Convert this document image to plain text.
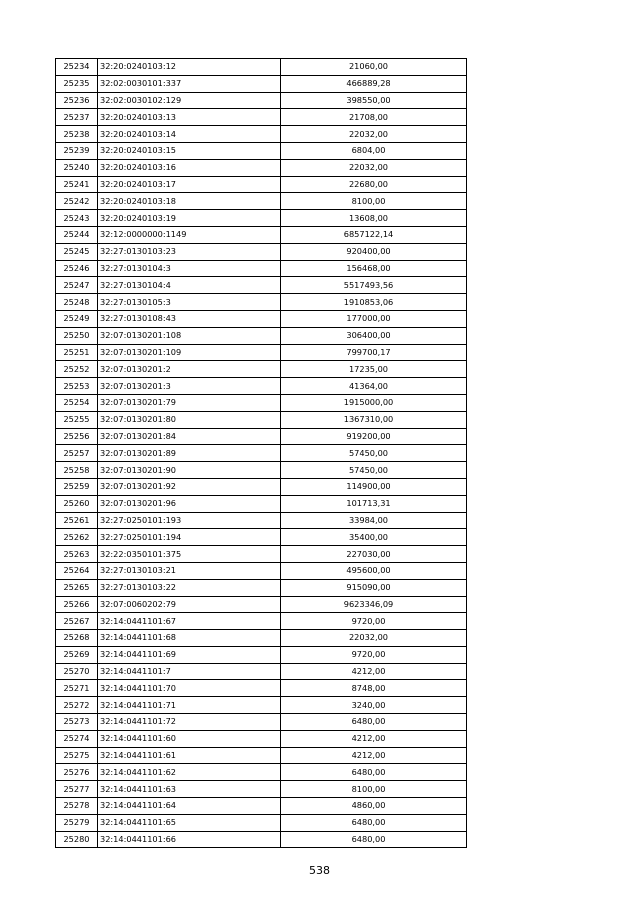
25234	32:20:0240103:12	21060,00
25235	32:02:0030101:337	466889,28
25236	32:02:0030102:129	398550,00
25237	32:20:0240103:13	21708,00
25238	32:20:0240103:14	22032,00
25239	32:20:0240103:15	6804,00
25240	32:20:0240103:16	22032,00
25241	32:20:0240103:17	22680,00
25242	32:20:0240103:18	8100,00
25243	32:20:0240103:19	13608,00
25244	32:12:0000000:1149	6857122,14
25245	32:27:0130103:23	920400,00
25246	32:27:0130104:3	156468,00
25247	32:27:0130104:4	5517493,56
25248	32:27:0130105:3	1910853,06
25249	32:27:0130108:43	177000,00
25250	32:07:0130201:108	306400,00
25251	32:07:0130201:109	799700,17
25252	32:07:0130201:2	17235,00
25253	32:07:0130201:3	41364,00
25254	32:07:0130201:79	1915000,00
25255	32:07:0130201:80	1367310,00
25256	32:07:0130201:84	919200,00
25257	32:07:0130201:89	57450,00
25258	32:07:0130201:90	57450,00
25259	32:07:0130201:92	114900,00
25260	32:07:0130201:96	101713,31
25261	32:27:0250101:193	33984,00
25262	32:27:0250101:194	35400,00
25263	32:22:0350101:375	227030,00
25264	32:27:0130103:21	495600,00
25265	32:27:0130103:22	915090,00
25266	32:07:0060202:79	9623346,09
25267	32:14:0441101:67	9720,00
25268	32:14:0441101:68	22032,00
25269	32:14:0441101:69	9720,00
25270	32:14:0441101:7	4212,00
25271	32:14:0441101:70	8748,00
25272	32:14:0441101:71	3240,00
25273	32:14:0441101:72	6480,00
25274	32:14:0441101:60	4212,00
25275	32:14:0441101:61	4212,00
25276	32:14:0441101:62	6480,00
25277	32:14:0441101:63	8100,00
25278	32:14:0441101:64	4860,00
25279	32:14:0441101:65	6480,00
25280	32:14:0441101:66	6480,00
538
